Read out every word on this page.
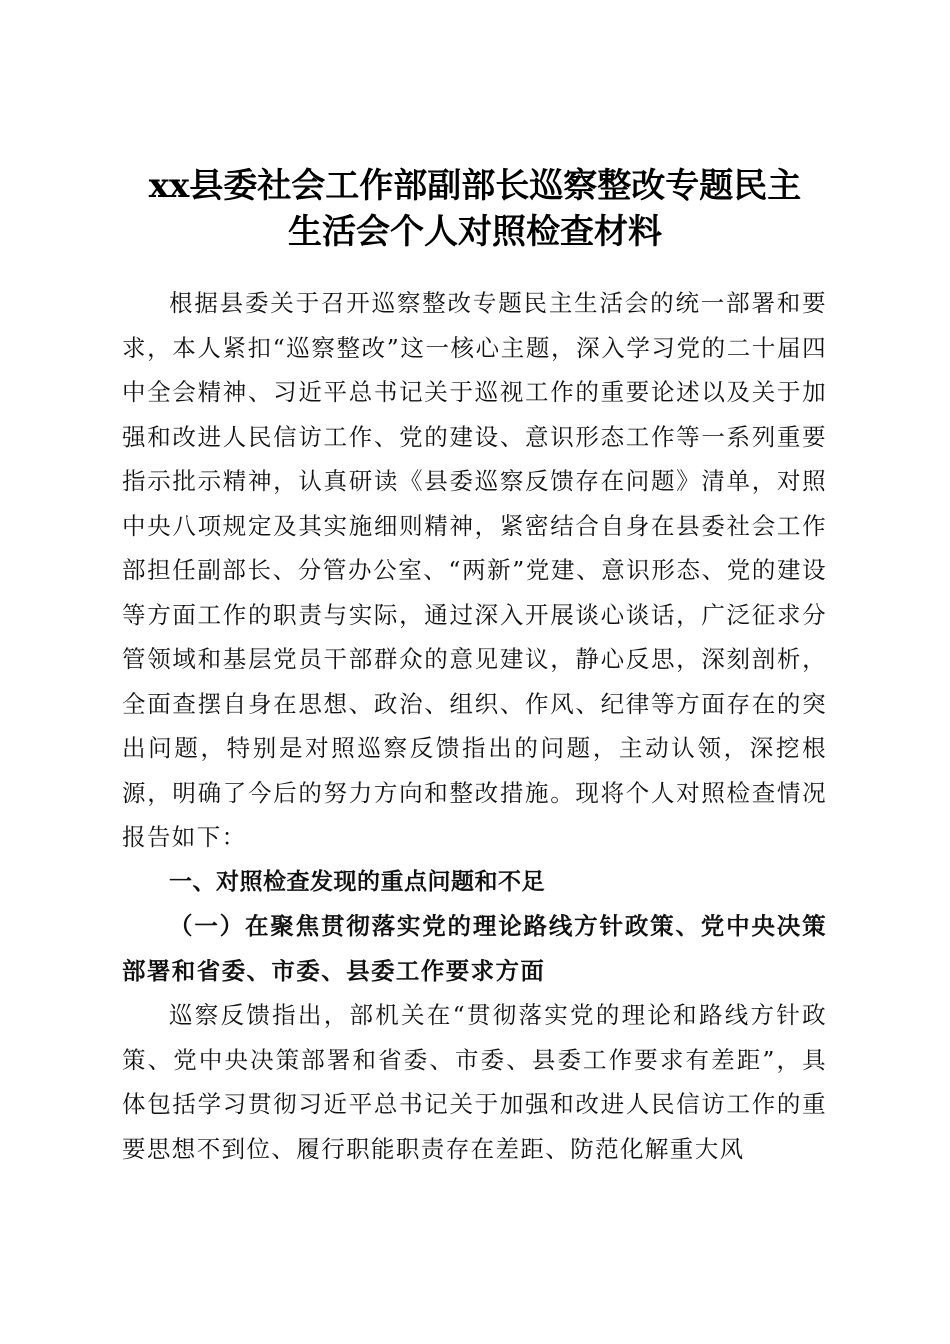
xx县委社会工作部副部长巡察整改专题民主
生活会个人对照检查材料

根据县委关于召开巡察整改专题民主生活会的统一部署和要求，本人紧扣“巡察整改”这一核心主题，深入学习党的二十届四中全会精神、习近平总书记关于巡视工作的重要论述以及关于加强和改进人民信访工作、党的建设、意识形态工作等一系列重要指示批示精神，认真研读《县委巡察反馈存在问题》清单，对照中央八项规定及其实施细则精神，紧密结合自身在县委社会工作部担任副部长、分管办公室、“两新”党建、意识形态、党的建设等方面工作的职责与实际，通过深入开展谈心谈话，广泛征求分管领域和基层党员干部群众的意见建议，静心反思，深刻剖析，全面查摆自身在思想、政治、组织、作风、纪律等方面存在的突出问题，特别是对照巡察反馈指出的问题，主动认领，深挖根源，明确了今后的努力方向和整改措施。现将个人对照检查情况报告如下：

一、对照检查发现的重点问题和不足

（一）在聚焦贯彻落实党的理论路线方针政策、党中央决策部署和省委、市委、县委工作要求方面

巡察反馈指出，部机关在“贯彻落实党的理论和路线方针政策、党中央决策部署和省委、市委、县委工作要求有差距”，具体包括学习贯彻习近平总书记关于加强和改进人民信访工作的重要思想不到位、履行职能职责存在差距、防范化解重大风
